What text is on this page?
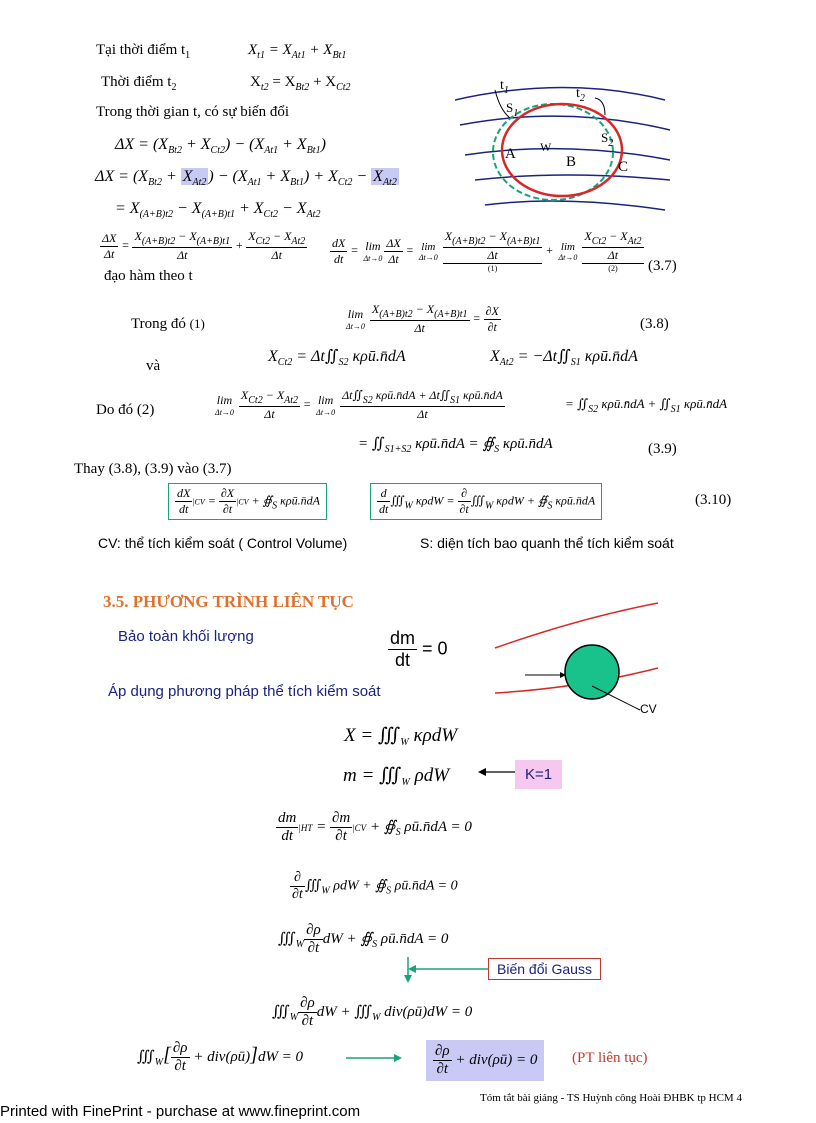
Tại thời điểm $t_1$	$X_{t1} = X_{At1} + X_{Bt1}$
Thời điểm $t_2$	$X_{t2} = X_{Bt2} + X_{Ct2}$
Trong thời gian t, có sự biến đổi
$\Delta X = (X_{Bt2} + X_{Ct2}) - (X_{At1} + X_{Bt1})$
$\Delta X = (X_{Bt2} + X_{At2}$ ) − $(X_{At1} + X_{Bt1}) + X_{Ct2} - X_{At2}$
= $X_{(A+B)t2} - X_{(A+B)t1} + X_{Ct2} - X_{At2}$
$\frac{\Delta X}{\Delta t} = \frac{X_{(A+B)t2} - X_{(A+B)t1}}{\Delta t} + \frac{X_{Ct2} - X_{At2}}{\Delta t} \frac{dX}{dt} = \lim$
$\Delta t\to 0 \frac{\Delta X}{\Delta t} = \lim$
Δt→0

$X_{(A+B)t2} - X_{(A+B)t1}$
Δt
(1)
+ lim
Δt→0

$X_{Ct2} - X_{At2}$
Δt
(2)	(3.7)
đạo hàm theo t
Trong đó (1)
lim
Δt→0
$\frac{X_{(A+B)t2} - X_{(A+B)t1}}{\Delta t} = \frac{\partial X}{\partial t}$	(3.8)
và
$X_{Ct2}$ = $\Delta t∬_{S2}$ κρū.n̄dA	$X_{At2}$ = $-\Delta t∬_{S1}$ κρū.n̄dA
Do đó (2)
lim
Δt→0
$\frac{X_{Ct2} - X_{At2}}{\Delta t} = \lim$
Δt→0
$\frac{\Delta t∬_{S2} \kappa\rho ū.n̄dA + \Delta t∬_{S1} \kappa\rho ū.n̄dA}{\Delta t}$	= $∬_{S2}$ κρū.n̄dA + $∬_{S1}$ κρū.n̄dA
= $∬_{S1+S2}$ κρū.n̄dA = $∯_S$ κρū.n̄dA	(3.9)
Thay (3.8), (3.9) vào (3.7)
$\frac{dX}{dt} |CV = \frac{\partial X}{\partial t} |CV$ + $∯_S$ κρū.n̄dA	$\frac{d}{dt}$ $∭_W$ $\kappa\rho dW = \frac{\partial}{\partial t}$ $∭_W$ $\kappa\rho dW + ∯_S$ κρū.n̄dA	(3.10)
CV: thể tích kiểm soát ( Control Volume)	S: diện tích bao quanh thể tích kiểm soát
$t_1$	$t_2$
$S_1$
$S_2$
A W
B	C
3.5. PHƯƠNG TRÌNH LIÊN TỤC
Bảo toàn khối lượng	$\frac{dm}{dt} = 0$
Áp dụng phương pháp thể tích kiểm soát
CV
$X = ∭_W$ κρdW
$m = ∭_W$ ρdW	K=1
$\frac{dm}{dt} |HT = \frac{\partial m}{\partial t} |CV$ + $∯_S$ ρū.n̄dA = 0
$\frac{\partial}{\partial t}$ $∭_W$ $\rho dW + ∯_S$ ρū.n̄dA = 0
$∭_W \frac{\partial\rho}{\partial t}$ dW + $∯_S$ ρū.n̄dA = 0
Biến đổi Gauss
$∭_W \frac{\partial\rho}{\partial t}$ dW + $∭_W$ div(ρū)dW = 0
$∭_W[ \frac{\partial\rho}{\partial t}$ + div(ρū)]dW = 0	$\frac{\partial\rho}{\partial t}$ + div(ρū) = 0	(PT liên tục)
Tóm tắt bài giảng - TS Huỳnh công Hoài ĐHBK tp HCM 4
Printed with FinePrint - purchase at www.fineprint.com
